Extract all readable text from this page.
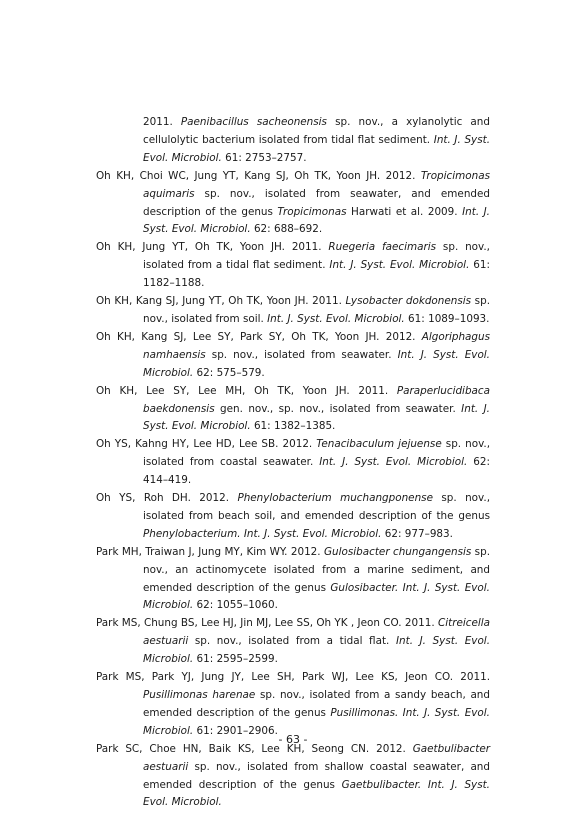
2011. Paenibacillus sacheonensis sp. nov., a xylanolytic and cellulolytic bacterium isolated from tidal flat sediment. Int. J. Syst. Evol. Microbiol. 61: 2753–2757.

Oh KH, Choi WC, Jung YT, Kang SJ, Oh TK, Yoon JH. 2012. Tropicimonas aquimaris sp. nov., isolated from seawater, and emended description of the genus Tropicimonas Harwati et al. 2009. Int. J. Syst. Evol. Microbiol. 62: 688–692.

Oh KH, Jung YT, Oh TK, Yoon JH. 2011. Ruegeria faecimaris sp. nov., isolated from a tidal flat sediment. Int. J. Syst. Evol. Microbiol. 61: 1182–1188.

Oh KH, Kang SJ, Jung YT, Oh TK, Yoon JH. 2011. Lysobacter dokdonensis sp. nov., isolated from soil. Int. J. Syst. Evol. Microbiol. 61: 1089–1093.

Oh KH, Kang SJ, Lee SY, Park SY, Oh TK, Yoon JH. 2012. Algoriphagus namhaensis sp. nov., isolated from seawater. Int. J. Syst. Evol. Microbiol. 62: 575–579.

Oh KH, Lee SY, Lee MH, Oh TK, Yoon JH. 2011. Paraperlucidibaca baekdonensis gen. nov., sp. nov., isolated from seawater. Int. J. Syst. Evol. Microbiol. 61: 1382–1385.

Oh YS, Kahng HY, Lee HD, Lee SB. 2012. Tenacibaculum jejuense sp. nov., isolated from coastal seawater. Int. J. Syst. Evol. Microbiol. 62: 414–419.

Oh YS, Roh DH. 2012. Phenylobacterium muchangponense sp. nov., isolated from beach soil, and emended description of the genus Phenylobacterium. Int. J. Syst. Evol. Microbiol. 62: 977–983.

Park MH, Traiwan J, Jung MY, Kim WY. 2012. Gulosibacter chungangensis sp. nov., an actinomycete isolated from a marine sediment, and emended description of the genus Gulosibacter. Int. J. Syst. Evol. Microbiol. 62: 1055–1060.

Park MS, Chung BS, Lee HJ, Jin MJ, Lee SS, Oh YK , Jeon CO. 2011. Citreicella aestuarii sp. nov., isolated from a tidal flat. Int. J. Syst. Evol. Microbiol. 61: 2595–2599.

Park MS, Park YJ, Jung JY, Lee SH, Park WJ, Lee KS, Jeon CO. 2011. Pusillimonas harenae sp. nov., isolated from a sandy beach, and emended description of the genus Pusillimonas. Int. J. Syst. Evol. Microbiol. 61: 2901–2906.

Park SC, Choe HN, Baik KS, Lee KH, Seong CN. 2012. Gaetbulibacter aestuarii sp. nov., isolated from shallow coastal seawater, and emended description of the genus Gaetbulibacter. Int. J. Syst. Evol. Microbiol.

- 63 -
